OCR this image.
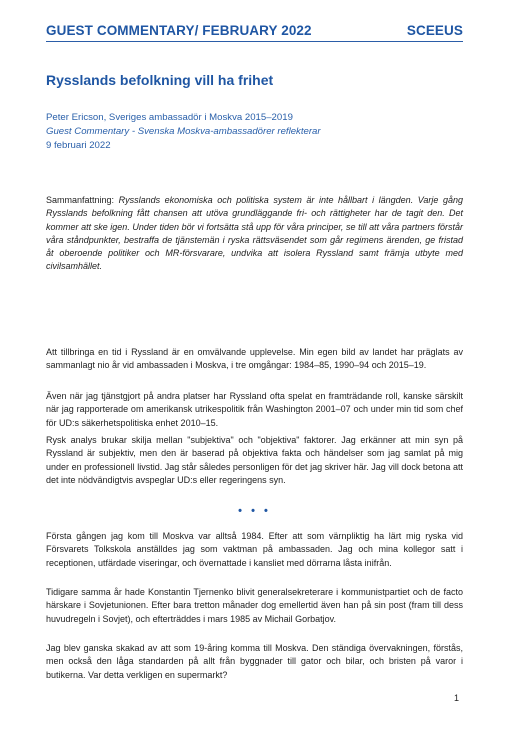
GUEST COMMENTARY/ FEBRUARY 2022	SCEEUS
Rysslands befolkning vill ha frihet
Peter Ericson, Sveriges ambassadör i Moskva 2015–2019
Guest Commentary - Svenska Moskva-ambassadörer reflekterar
9 februari 2022

Sammanfattning: Rysslands ekonomiska och politiska system är inte hållbart i längden. Varje gång Rysslands befolkning fått chansen att utöva grundläggande fri- och rättigheter har de tagit den. Det kommer att ske igen. Under tiden bör vi fortsätta stå upp för våra principer, se till att våra partners förstår våra ståndpunkter, bestraffa de tjänstemän i ryska rättsväsendet som går regimens ärenden, ge fristad åt oberoende politiker och MR-försvarare, undvika att isolera Ryssland samt främja utbyte med civilsamhället.

Att tillbringa en tid i Ryssland är en omvälvande upplevelse. Min egen bild av landet har präglats av sammanlagt nio år vid ambassaden i Moskva, i tre omgångar: 1984–85, 1990–94 och 2015–19.

Även när jag tjänstgjort på andra platser har Ryssland ofta spelat en framträdande roll, kanske särskilt när jag rapporterade om amerikansk utrikespolitik från Washington 2001–07 och under min tid som chef för UD:s säkerhetspolitiska enhet 2010–15.

Rysk analys brukar skilja mellan "subjektiva" och "objektiva" faktorer. Jag erkänner att min syn på Ryssland är subjektiv, men den är baserad på objektiva fakta och händelser som jag samlat på mig under en professionell livstid. Jag står således personligen för det jag skriver här. Jag vill dock betona att det inte nödvändigtvis avspeglar UD:s eller regeringens syn.

• • •

Första gången jag kom till Moskva var alltså 1984. Efter att som värnpliktig ha lärt mig ryska vid Försvarets Tolkskola anställdes jag som vaktman på ambassaden. Jag och mina kollegor satt i receptionen, utfärdade viseringar, och övernattade i kansliet med dörrarna låsta inifrån.

Tidigare samma år hade Konstantin Tjernenko blivit generalsekreterare i kommunistpartiet och de facto härskare i Sovjetunionen. Efter bara tretton månader dog emellertid även han på sin post (fram till dess huvudregeln i Sovjet), och efterträddes i mars 1985 av Michail Gorbatjov.

Jag blev ganska skakad av att som 19-åring komma till Moskva. Den ständiga övervakningen, förstås, men också den låga standarden på allt från byggnader till gator och bilar, och bristen på varor i butikerna. Var detta verkligen en supermarkt?

1
